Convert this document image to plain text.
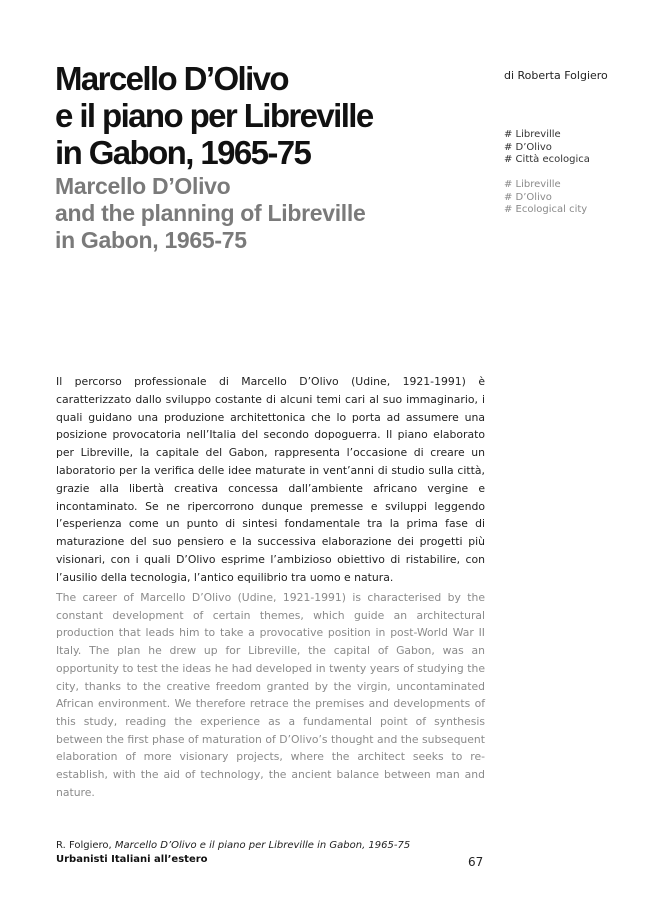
Marcello D’Olivo
e il piano per Libreville
in Gabon, 1965-75
Marcello D’Olivo
and the planning of Libreville
in Gabon, 1965-75
di Roberta Folgiero
# Libreville
# D’Olivo
# Città ecologica
# Libreville
# D’Olivo
# Ecological city

Il percorso professionale di Marcello D’Olivo (Udine, 1921-1991) è caratterizzato dallo sviluppo costante di alcuni temi cari al suo immaginario, i quali guidano una produzione architettonica che lo porta ad assumere una posizione provocatoria nell’Italia del secondo dopoguerra. Il piano elaborato per Libreville, la capitale del Gabon, rappresenta l’occasione di creare un laboratorio per la verifica delle idee maturate in vent’anni di studio sulla città, grazie alla libertà creativa concessa dall’ambiente africano vergine e incontaminato. Se ne ripercorrono dunque premesse e sviluppi leggendo l’esperienza come un punto di sintesi fondamentale tra la prima fase di maturazione del suo pensiero e la successiva elaborazione dei progetti più visionari, con i quali D’Olivo esprime l’ambizioso obiettivo di ristabilire, con l’ausilio della tecnologia, l’antico equilibrio tra uomo e natura.

The career of Marcello D’Olivo (Udine, 1921-1991) is characterised by the constant development of certain themes, which guide an architectural production that leads him to take a provocative position in post-World War II Italy. The plan he drew up for Libreville, the capital of Gabon, was an opportunity to test the ideas he had developed in twenty years of studying the city, thanks to the creative freedom granted by the virgin, uncontaminated African environment. We therefore retrace the premises and developments of this study, reading the experience as a fundamental point of synthesis between the first phase of maturation of D’Olivo’s thought and the subsequent elaboration of more visionary projects, where the architect seeks to re-establish, with the aid of technology, the ancient balance between man and nature.

R. Folgiero, Marcello D’Olivo e il piano per Libreville in Gabon, 1965-75
Urbanisti Italiani all’estero	67
